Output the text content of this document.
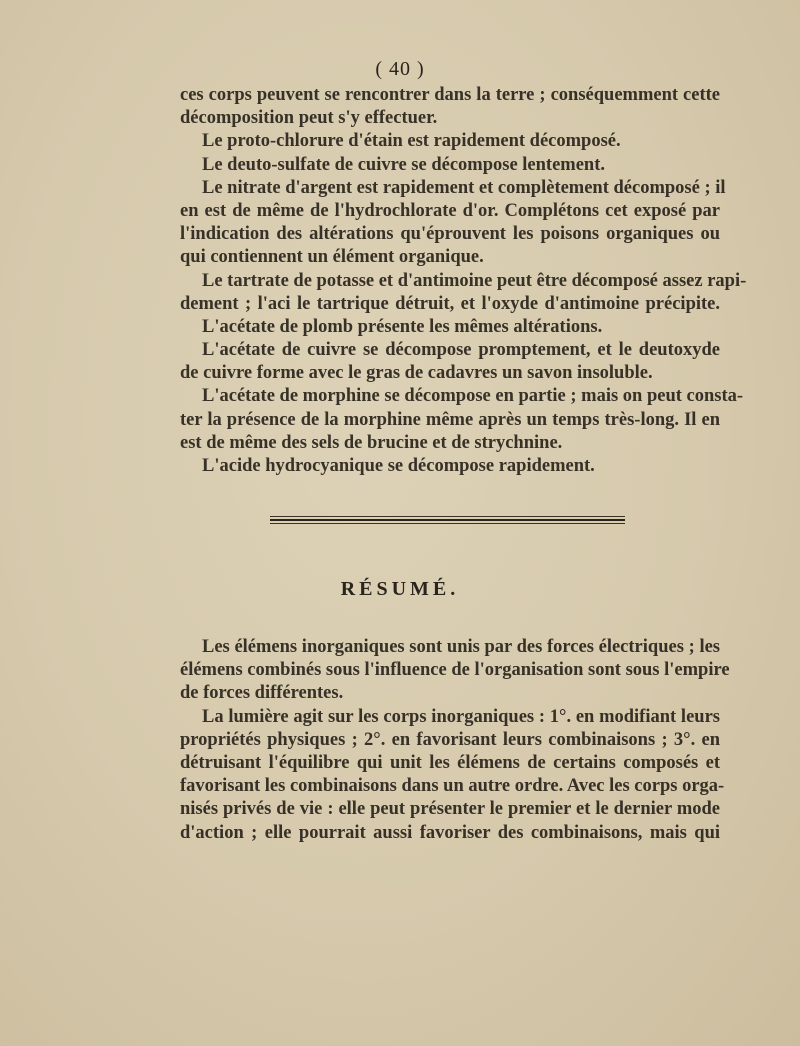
( 40 )
ces corps peuvent se rencontrer dans la terre ; conséquemment cette
décomposition peut s'y effectuer.
Le proto-chlorure d'étain est rapidement décomposé.
Le deuto-sulfate de cuivre se décompose lentement.
Le nitrate d'argent est rapidement et complètement décomposé ; il
en est de même de l'hydrochlorate d'or. Complétons cet exposé par
l'indication des altérations qu'éprouvent les poisons organiques ou
qui contiennent un élément organique.
Le tartrate de potasse et d'antimoine peut être décomposé assez rapi-
dement ; l'aci le tartrique détruit, et l'oxyde d'antimoine précipite.
L'acétate de plomb présente les mêmes altérations.
L'acétate de cuivre se décompose promptement, et le deutoxyde
de cuivre forme avec le gras de cadavres un savon insoluble.
L'acétate de morphine se décompose en partie ; mais on peut consta-
ter la présence de la morphine même après un temps très-long. Il en
est de même des sels de brucine et de strychnine.
L'acide hydrocyanique se décompose rapidement.
RÉSUMÉ.
Les élémens inorganiques sont unis par des forces électriques ; les
élémens combinés sous l'influence de l'organisation sont sous l'empire
de forces différentes.
La lumière agit sur les corps inorganiques : 1°. en modifiant leurs
propriétés physiques ; 2°. en favorisant leurs combinaisons ; 3°. en
détruisant l'équilibre qui unit les élémens de certains composés et
favorisant les combinaisons dans un autre ordre. Avec les corps orga-
nisés privés de vie : elle peut présenter le premier et le dernier mode
d'action ; elle pourrait aussi favoriser des combinaisons, mais qui
